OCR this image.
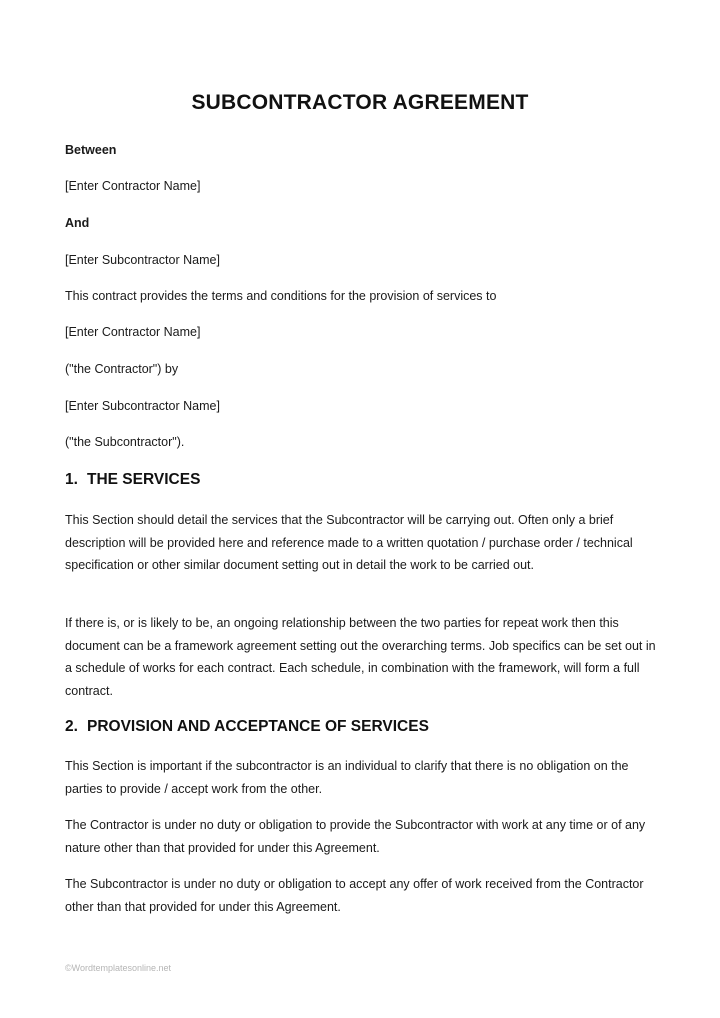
SUBCONTRACTOR AGREEMENT

Between

[Enter Contractor Name]

And

[Enter Subcontractor Name]

This contract provides the terms and conditions for the provision of services to

[Enter Contractor Name]

("the Contractor") by

[Enter Subcontractor Name]

("the Subcontractor").

1. THE SERVICES

This Section should detail the services that the Subcontractor will be carrying out. Often only a brief description will be provided here and reference made to a written quotation / purchase order / technical specification or other similar document setting out in detail the work to be carried out.

If there is, or is likely to be, an ongoing relationship between the two parties for repeat work then this document can be a framework agreement setting out the overarching terms. Job specifics can be set out in a schedule of works for each contract. Each schedule, in combination with the framework, will form a full contract.

2. PROVISION AND ACCEPTANCE OF SERVICES

This Section is important if the subcontractor is an individual to clarify that there is no obligation on the parties to provide / accept work from the other.

The Contractor is under no duty or obligation to provide the Subcontractor with work at any time or of any nature other than that provided for under this Agreement.

The Subcontractor is under no duty or obligation to accept any offer of work received from the Contractor other than that provided for under this Agreement.

©Wordtemplatesonline.net
